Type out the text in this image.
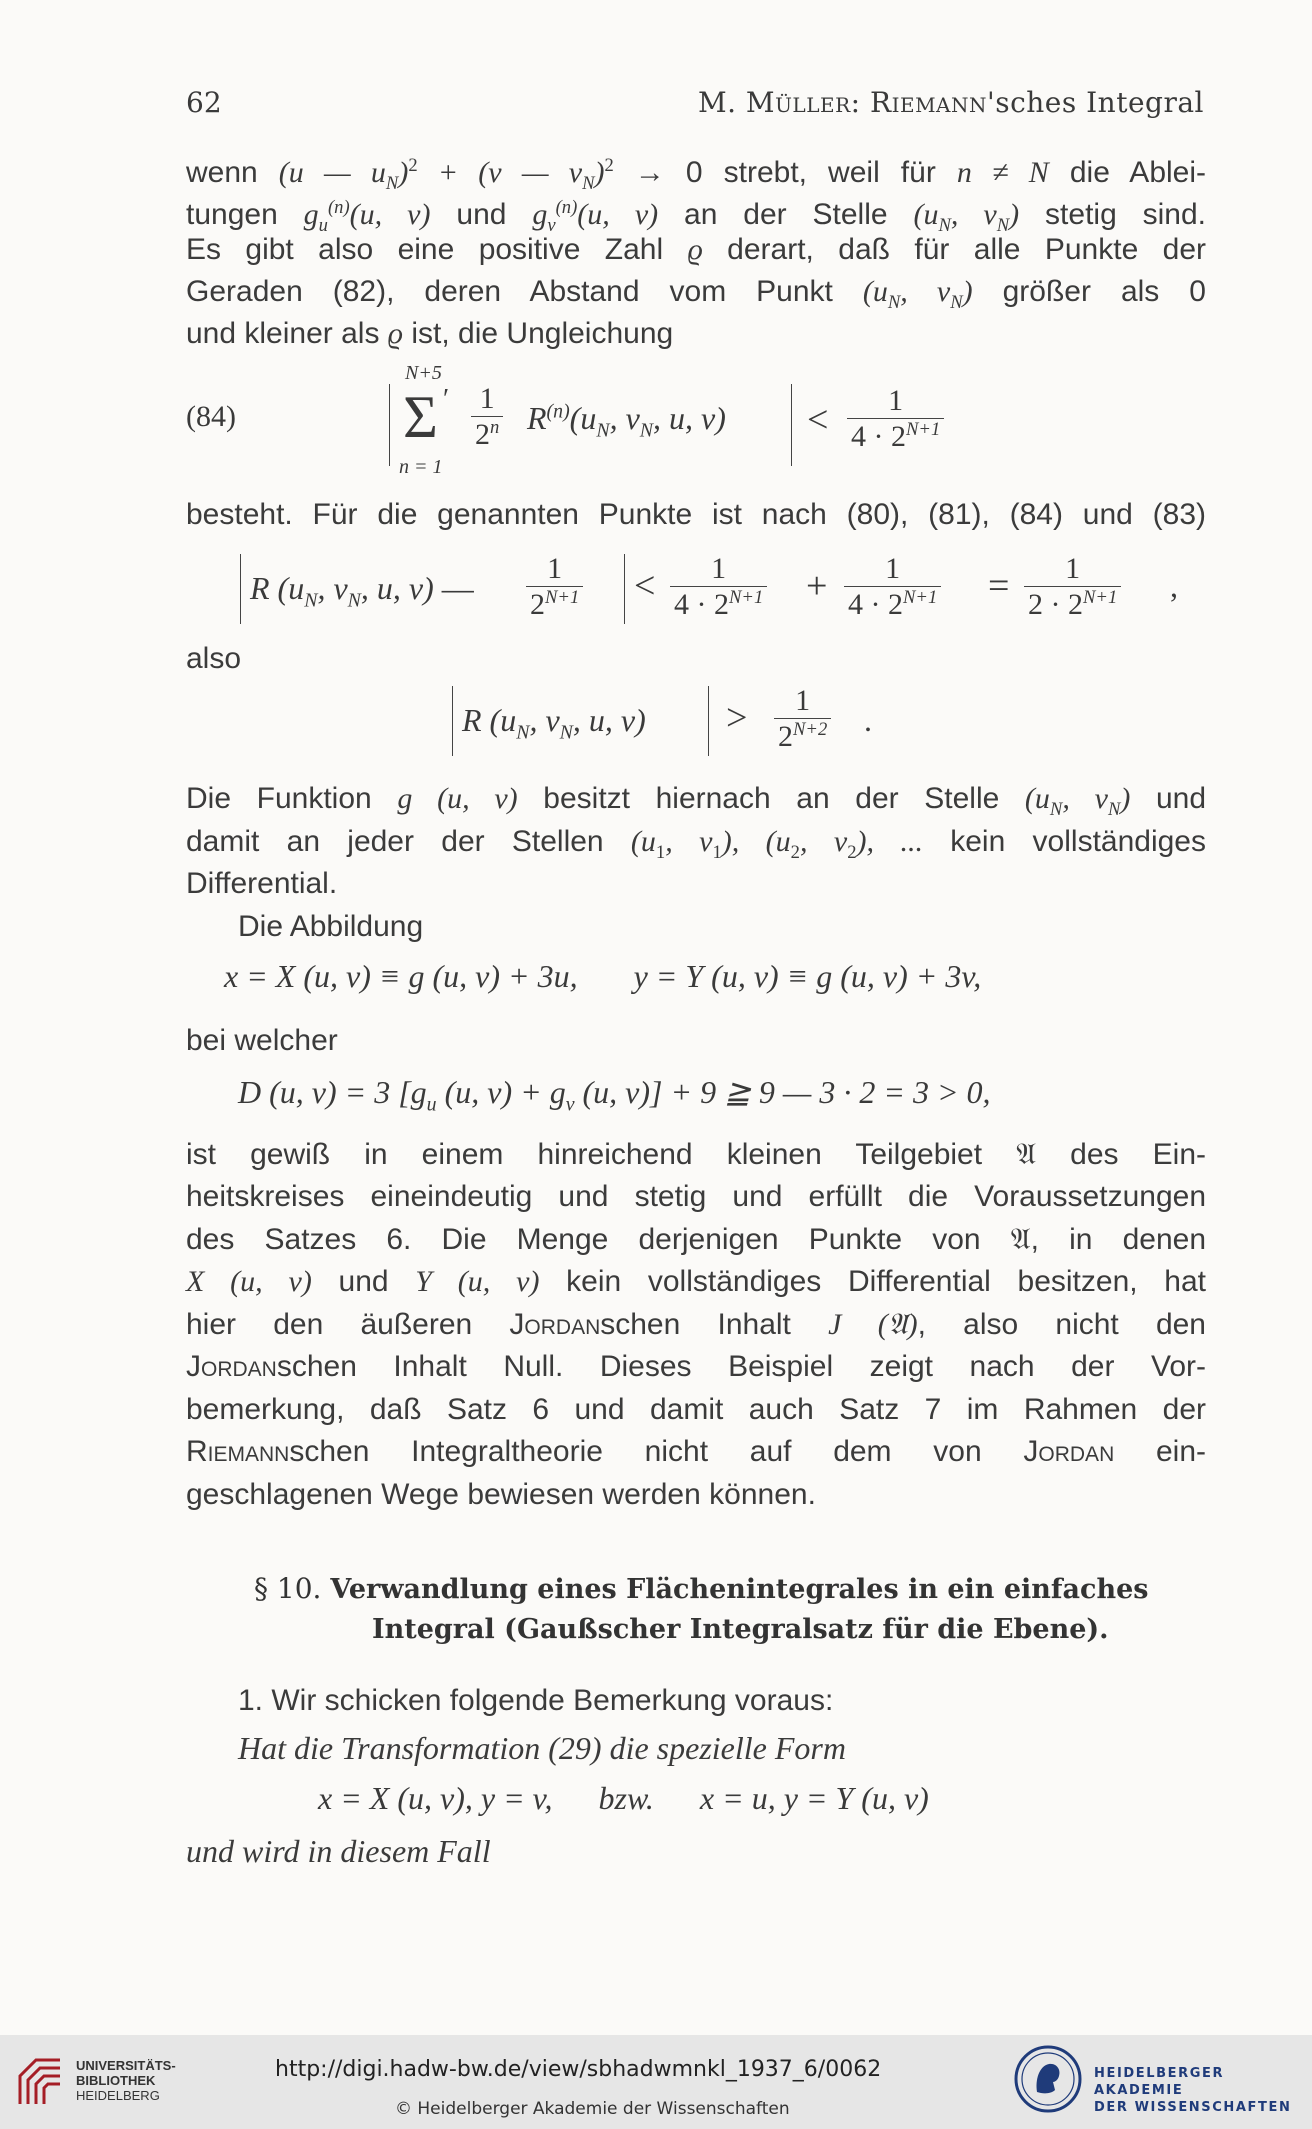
62	M. Müller: Riemann'sches Integral
wenn (u — $u_N)^2 + (v$ — $v_N)^2 \to 0$ strebt, weil für n ≠ N die Ablei-
tungen $g_u^{(n)}(u$, v) und $g_v^{(n)}(u$, v) an der Stelle ($u_N$, $v_N$) stetig sind.
Es gibt also eine positive Zahl ϱ derart, daß für alle Punkte der
Geraden (82), deren Abstand vom Punkt ($u_N$, $v_N$) größer als 0
und kleiner als ϱ ist, die Ungleichung
(84)
N+5
Σ ′
n = 1
$\frac{1}{2^n} R^{(n)}(u_N$, $v_N$, u, $v) < \frac{1}{4 \cdot 2^{N+1}}$
besteht. Für die genannten Punkte ist nach (80), (81), (84) und (83)
R ($u_N$, $v_N$, u, v) — $\frac{1}{2^{N+1}} < \frac{1}{4 \cdot 2^{N+1}} + \frac{1}{4 \cdot 2^{N+1}} = \frac{1}{2 \cdot 2^{N+1}}$ ,
also
R ($u_N$, $v_N$, u, $v) > \frac{1}{2^{N+2}}$ .
Die Funktion g (u, v) besitzt hiernach an der Stelle ($u_N$, $v_N$) und
damit an jeder der Stellen ($u_1$, $v_1$), ($u_2$, $v_2$), ... kein vollständiges
Differential.
Die Abbildung
x = X (u, v) ≡ g (u, v) + 3u, y = Y (u, v) ≡ g (u, v) + 3v,
bei welcher
D (u, v) = 3 [$g_u$ (u, $v) + g_v$ (u, v)] + 9 ≧ 9 — 3 · 2 = 3 > 0,
ist gewiß in einem hinreichend kleinen Teilgebiet 𝔄 des Ein-
heitskreises eineindeutig und stetig und erfüllt die Voraussetzungen
des Satzes 6. Die Menge derjenigen Punkte von 𝔄, in denen
X (u, v) und Y (u, v) kein vollständiges Differential besitzen, hat
hier den äußeren Jordanschen Inhalt J (𝔄), also nicht den
Jordanschen Inhalt Null. Dieses Beispiel zeigt nach der Vor-
bemerkung, daß Satz 6 und damit auch Satz 7 im Rahmen der
Riemannschen Integraltheorie nicht auf dem von Jordan ein-
geschlagenen Wege bewiesen werden können.
§ 10. Verwandlung eines Flächenintegrales in ein einfaches
Integral (Gaußscher Integralsatz für die Ebene).
1. Wir schicken folgende Bemerkung voraus:
Hat die Transformation (29) die spezielle Form
x = X (u, v), y = v, bzw. x = u, y = Y (u, v)
und wird in diesem Fall
UNIVERSITÄTS-
BIBLIOTHEK
HEIDELBERG
http://digi.hadw-bw.de/view/sbhadwmnkl_1937_6/0062
© Heidelberger Akademie der Wissenschaften
HEIDELBERGER AKADEMIE
DER WISSENSCHAFTEN
